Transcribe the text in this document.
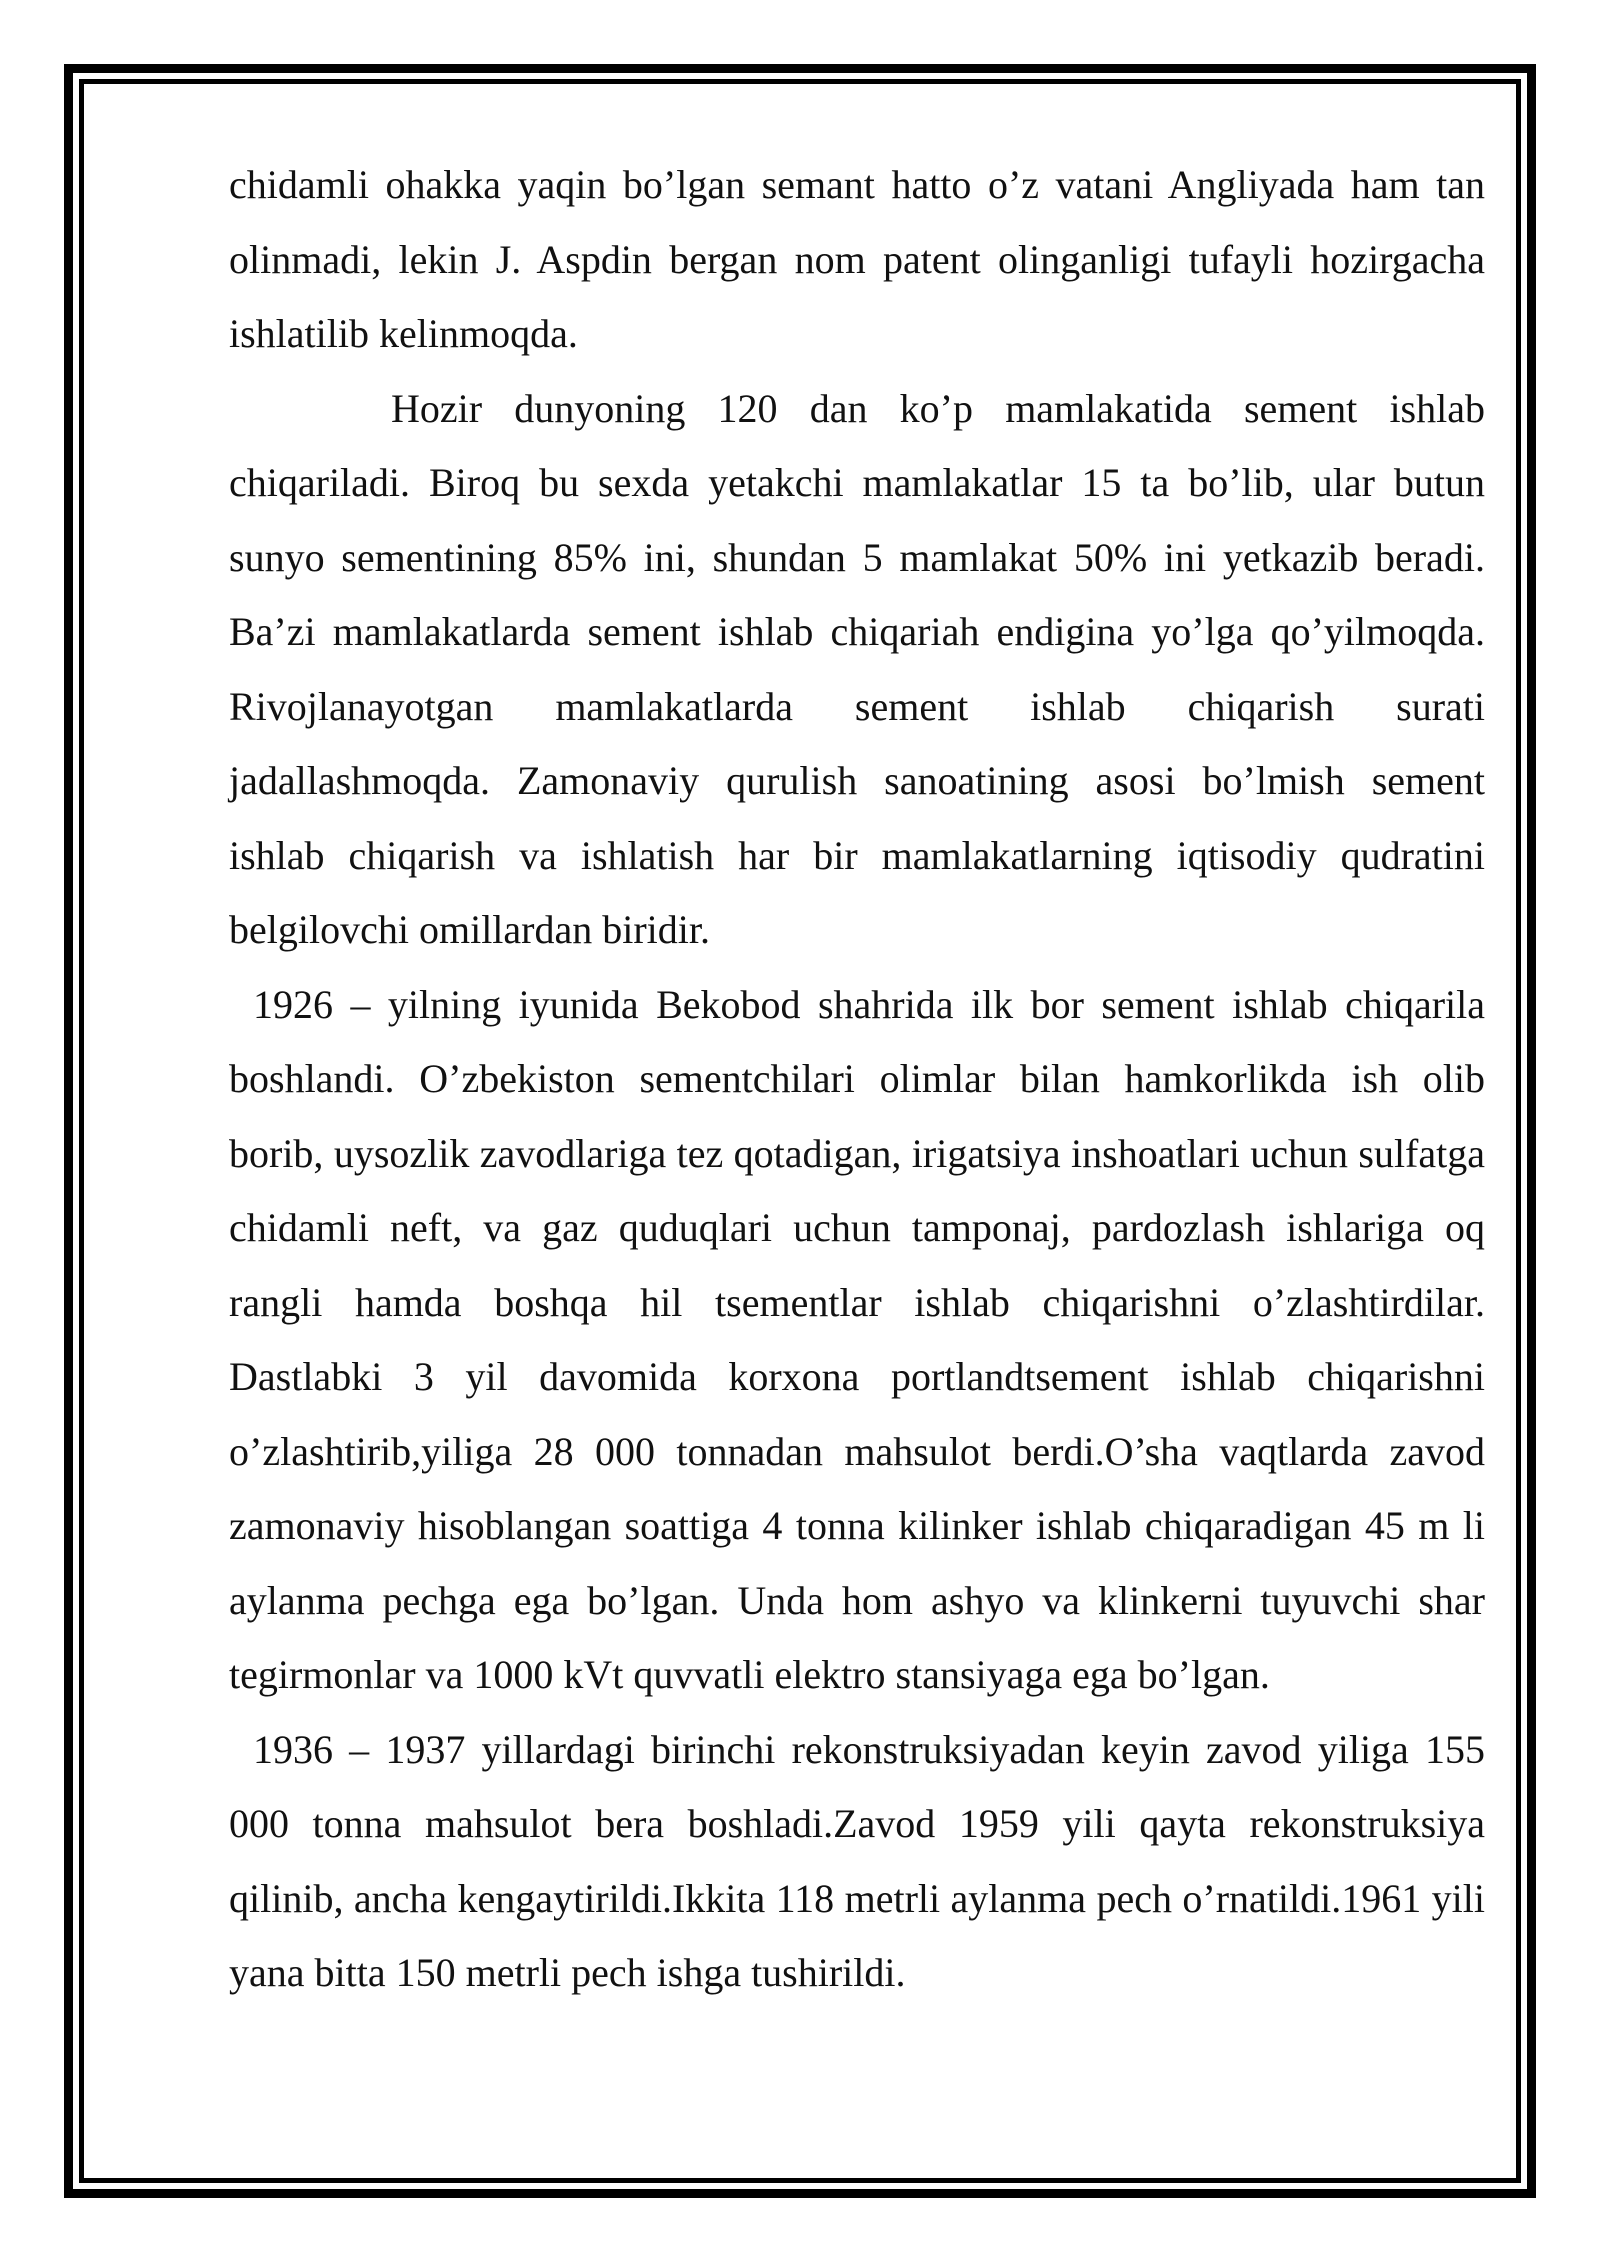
chidamli ohakka yaqin bo’lgan semant hatto o’z vatani Angliyada ham tan olinmadi, lekin J. Aspdin bergan nom patent olinganligi tufayli hozirgacha ishlatilib kelinmoqda.

Hozir dunyoning 120 dan ko’p mamlakatida sement ishlab chiqariladi. Biroq bu sexda yetakchi mamlakatlar 15 ta bo’lib, ular butun sunyo sementining 85% ini, shundan 5 mamlakat 50% ini yetkazib beradi. Ba’zi mamlakatlarda sement ishlab chiqariah endigina yo’lga qo’yilmoqda. Rivojlanayotgan mamlakatlarda sement ishlab chiqarish surati jadallashmoqda. Zamonaviy qurulish sanoatining asosi bo’lmish sement ishlab chiqarish va ishlatish har bir mamlakatlarning iqtisodiy qudratini belgilovchi omillardan biridir.

1926 – yilning iyunida Bekobod shahrida ilk bor sement ishlab chiqarila boshlandi. O’zbekiston sementchilari olimlar bilan hamkorlikda ish olib borib, uysozlik zavodlariga tez qotadigan, irigatsiya inshoatlari uchun sulfatga chidamli neft, va gaz quduqlari uchun tamponaj, pardozlash ishlariga oq rangli hamda boshqa hil tsementlar ishlab chiqarishni o’zlashtirdilar. Dastlabki 3 yil davomida korxona portlandtsement ishlab chiqarishni o’zlashtirib,yiliga 28 000 tonnadan mahsulot berdi.O’sha vaqtlarda zavod zamonaviy hisoblangan soattiga 4 tonna kilinker ishlab chiqaradigan 45 m li aylanma pechga ega bo’lgan. Unda hom ashyo va klinkerni tuyuvchi shar tegirmonlar va 1000 kVt quvvatli elektro stansiyaga ega bo’lgan.

1936 – 1937 yillardagi birinchi rekonstruksiyadan keyin zavod yiliga 155 000 tonna mahsulot bera boshladi.Zavod 1959 yili qayta rekonstruksiya qilinib, ancha kengaytirildi.Ikkita 118 metrli aylanma pech o’rnatildi.1961 yili yana bitta 150 metrli pech ishga tushirildi.
